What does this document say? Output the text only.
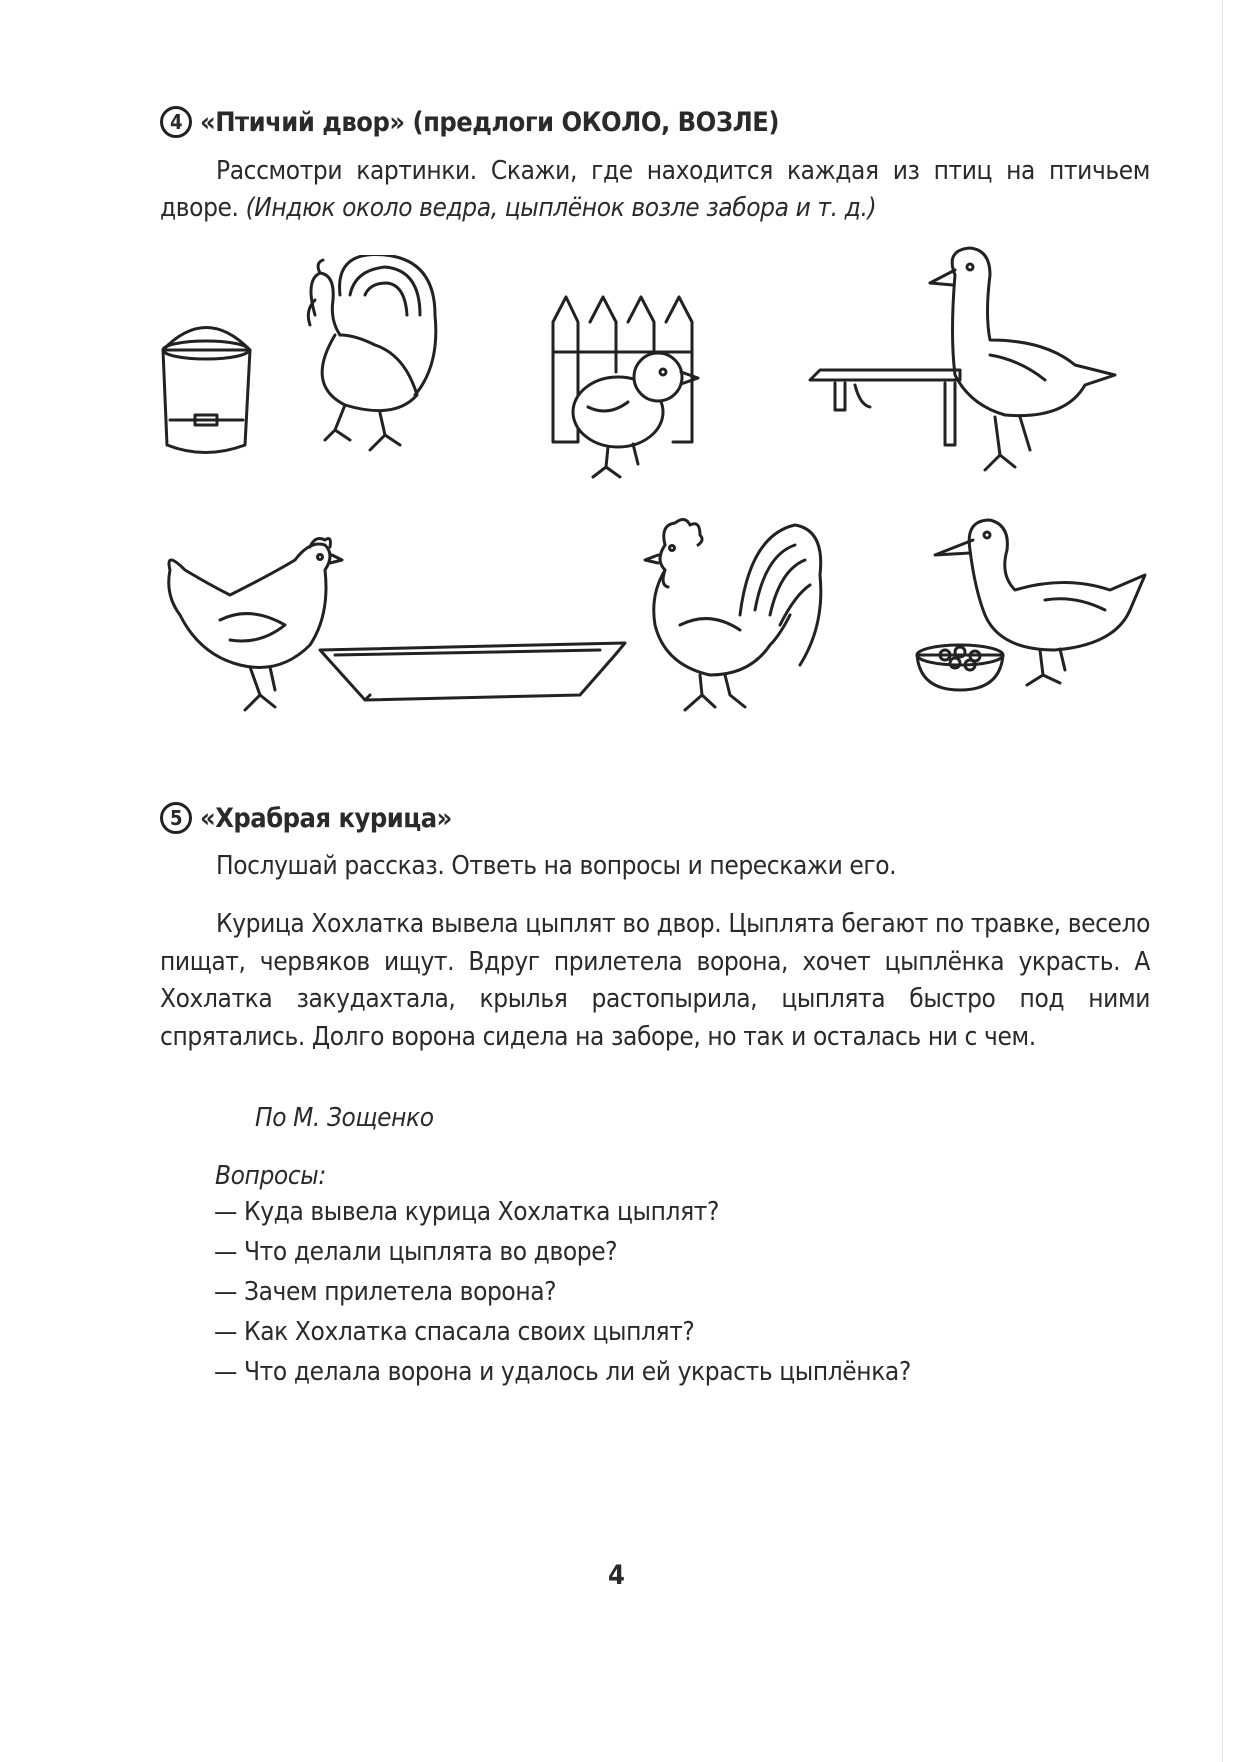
4 «Птичий двор» (предлоги ОКОЛО, ВОЗЛЕ)
Рассмотри картинки. Скажи, где находится каждая из птиц на птичьем дворе. (Индюк около ведра, цыплёнок возле забора и т. д.)
5 «Храбрая курица»
Послушай рассказ. Ответь на вопросы и перескажи его.
Курица Хохлатка вывела цыплят во двор. Цыплята бегают по травке, весело пищат, червяков ищут. Вдруг прилетела ворона, хочет цыплёнка украсть. А Хохлатка закудахтала, крылья растопырила, цыплята быстро под ними спрятались. Долго ворона сидела на заборе, но так и осталась ни с чем.
По М. Зощенко
Вопросы:
— Куда вывела курица Хохлатка цыплят?
— Что делали цыплята во дворе?
— Зачем прилетела ворона?
— Как Хохлатка спасала своих цыплят?
— Что делала ворона и удалось ли ей украсть цыплёнка?
4
